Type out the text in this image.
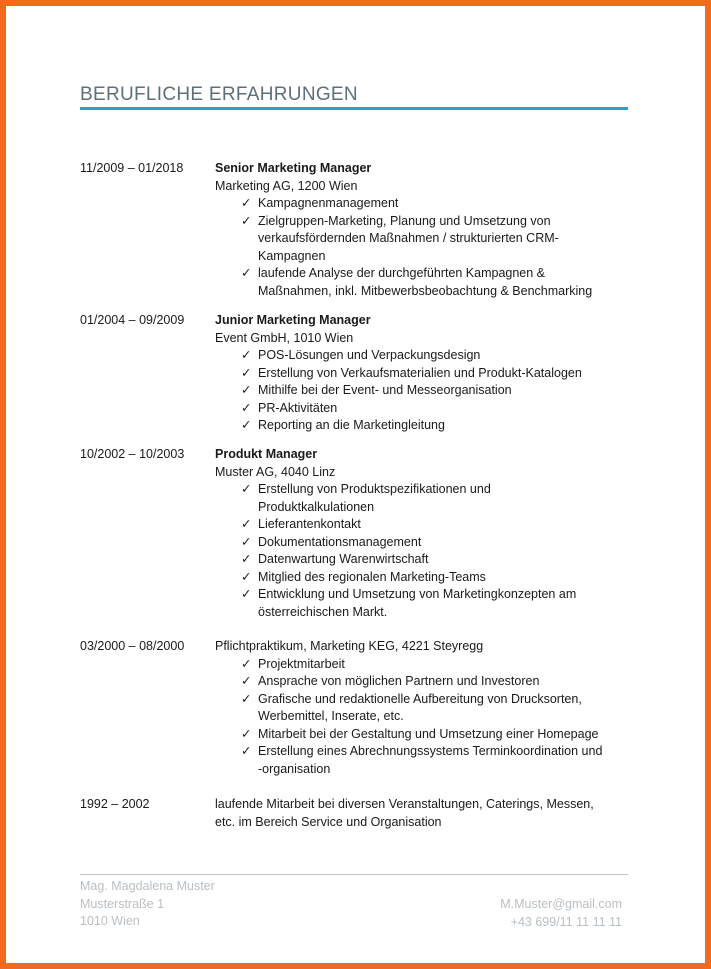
BERUFLICHE ERFAHRUNGEN
11/2009 – 01/2018	Senior Marketing Manager
Marketing AG, 1200 Wien
✓ Kampagnenmanagement
✓ Zielgruppen-Marketing, Planung und Umsetzung von
verkaufsfördernden Maßnahmen / strukturierten CRM-
Kampagnen
✓ laufende Analyse der durchgeführten Kampagnen &
Maßnahmen, inkl. Mitbewerbsbeobachtung & Benchmarking
01/2004 – 09/2009	Junior Marketing Manager
Event GmbH, 1010 Wien
✓ POS-Lösungen und Verpackungsdesign
✓ Erstellung von Verkaufsmaterialien und Produkt-Katalogen
✓ Mithilfe bei der Event- und Messeorganisation
✓ PR-Aktivitäten
✓ Reporting an die Marketingleitung
10/2002 – 10/2003	Produkt Manager
Muster AG, 4040 Linz
✓ Erstellung von Produktspezifikationen und
Produktkalkulationen
✓ Lieferantenkontakt
✓ Dokumentationsmanagement
✓ Datenwartung Warenwirtschaft
✓ Mitglied des regionalen Marketing-Teams
✓ Entwicklung und Umsetzung von Marketingkonzepten am
österreichischen Markt.
03/2000 – 08/2000	Pflichtpraktikum, Marketing KEG, 4221 Steyregg
✓ Projektmitarbeit
✓ Ansprache von möglichen Partnern und Investoren
✓ Grafische und redaktionelle Aufbereitung von Drucksorten,
Werbemittel, Inserate, etc.
✓ Mitarbeit bei der Gestaltung und Umsetzung einer Homepage
✓ Erstellung eines Abrechnungssystems Terminkoordination und
-organisation
1992 – 2002	laufende Mitarbeit bei diversen Veranstaltungen, Caterings, Messen,
etc. im Bereich Service und Organisation
Mag. Magdalena Muster
Musterstraße 1
1010 Wien
M.Muster@gmail.com
+43 699/11 11 11 11
